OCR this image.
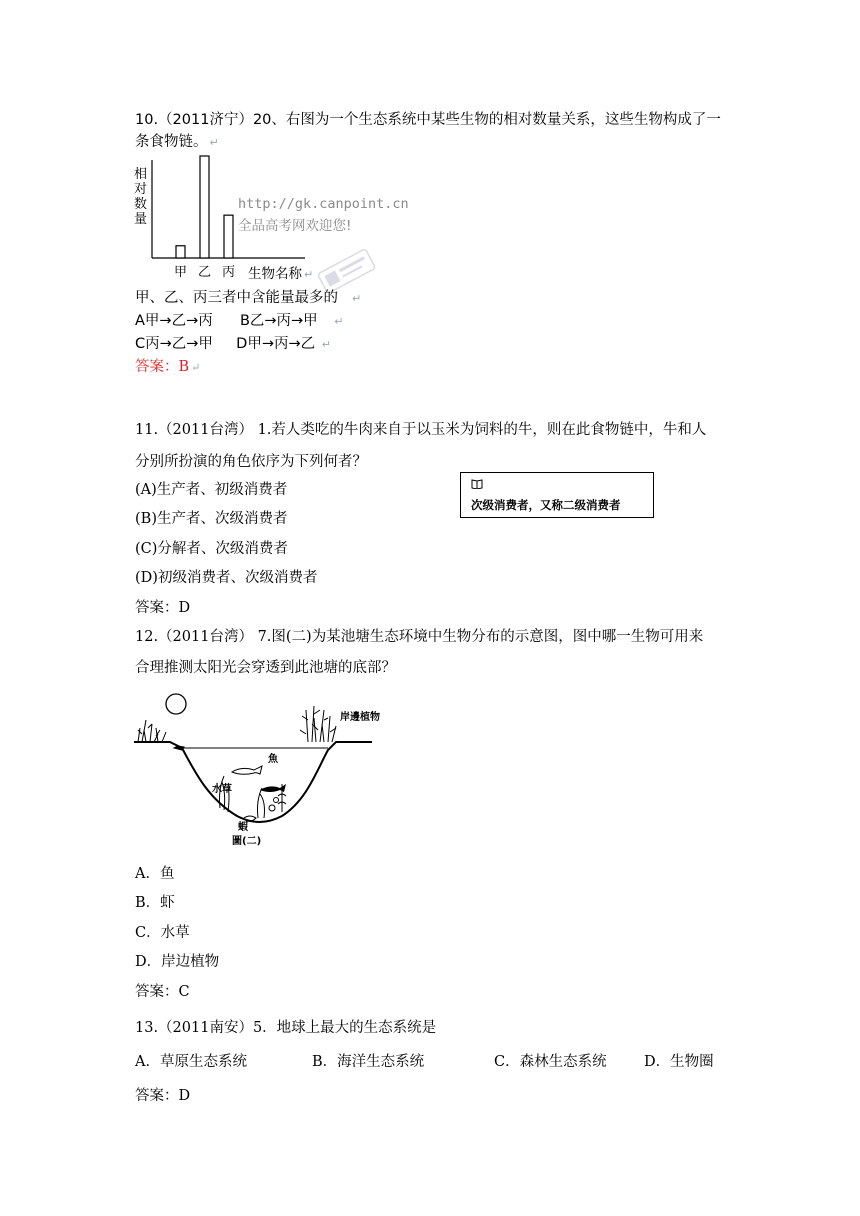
10.（2011济宁）20、右图为一个生态系统中某些生物的相对数量关系，这些生物构成了一
条食物链。 ↵
相对数量
甲 乙 丙 生物名称 ↵
http://gk.canpoint.cn
全品高考网欢迎您!
甲、乙、丙三者中含能量最多的 ↵
A甲→乙→丙 B乙→丙→甲 ↵
C丙→乙→甲 D甲→丙→乙 ↵
答案：B ↵
11.（2011台湾） 1.若人类吃的牛肉来自于以玉米为饲料的牛，则在此食物链中，牛和人
分别所扮演的角色依序为下列何者？
(A)生产者、初级消费者
(B)生产者、次级消费者
(C)分解者、次级消费者
(D)初级消费者、次级消费者
次级消费者，又称二级消费者
答案：D
12.（2011台湾） 7.图(二)为某池塘生态环境中生物分布的示意图，图中哪一生物可用来
合理推测太阳光会穿透到此池塘的底部？
岸邊植物
魚
水草
蝦
圖(二)
A．鱼
B．虾
C．水草
D．岸边植物
答案：C
13.（2011南安）5．地球上最大的生态系统是
A．草原生态系统	B．海洋生态系统	C．森林生态系统	D．生物圈
答案：D
